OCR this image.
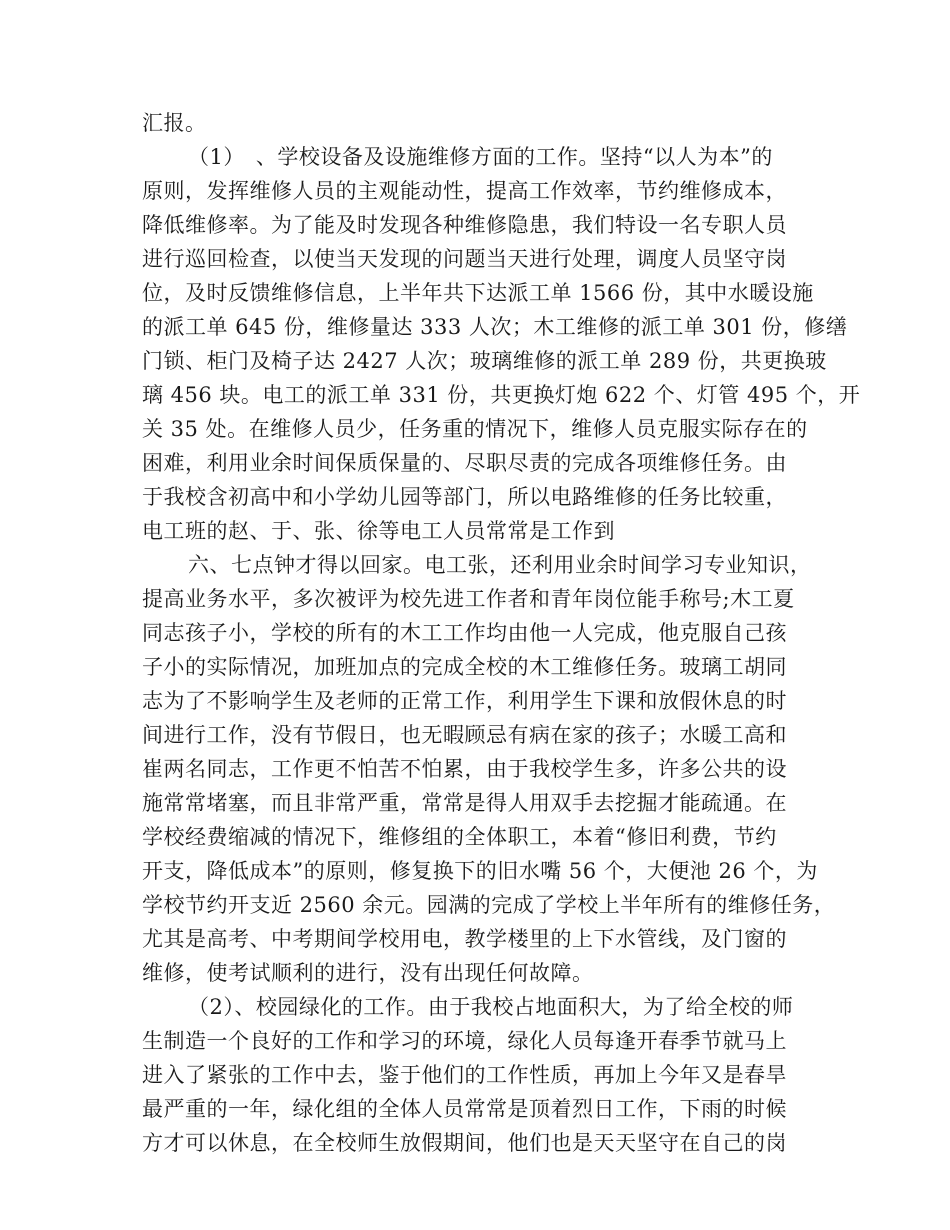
汇报。
（1）　、学校设备及设施维修方面的工作。坚持“以人为本”的
原则，发挥维修人员的主观能动性，提高工作效率，节约维修成本，
降低维修率。为了能及时发现各种维修隐患，我们特设一名专职人员
进行巡回检查，以使当天发现的问题当天进行处理，调度人员坚守岗
位，及时反馈维修信息，上半年共下达派工单 1566 份，其中水暖设施
的派工单 645 份，维修量达 333 人次；木工维修的派工单 301 份，修缮
门锁、柜门及椅子达 2427 人次；玻璃维修的派工单 289 份，共更换玻
璃 456 块。电工的派工单 331 份，共更换灯炮 622 个、灯管 495 个，开
关 35 处。在维修人员少，任务重的情况下，维修人员克服实际存在的
困难，利用业余时间保质保量的、尽职尽责的完成各项维修任务。由
于我校含初高中和小学幼儿园等部门，所以电路维修的任务比较重，
电工班的赵、于、张、徐等电工人员常常是工作到
六、七点钟才得以回家。电工张，还利用业余时间学习专业知识，
提高业务水平，多次被评为校先进工作者和青年岗位能手称号;木工夏
同志孩子小，学校的所有的木工工作均由他一人完成，他克服自己孩
子小的实际情况，加班加点的完成全校的木工维修任务。玻璃工胡同
志为了不影响学生及老师的正常工作，利用学生下课和放假休息的时
间进行工作，没有节假日，也无暇顾忌有病在家的孩子；水暖工高和
崔两名同志，工作更不怕苦不怕累，由于我校学生多，许多公共的设
施常常堵塞，而且非常严重，常常是得人用双手去挖掘才能疏通。在
学校经费缩减的情况下，维修组的全体职工，本着“修旧利费，节约
开支，降低成本”的原则，修复换下的旧水嘴 56 个，大便池 26 个，为
学校节约开支近 2560 余元。园满的完成了学校上半年所有的维修任务，
尤其是高考、中考期间学校用电，教学楼里的上下水管线，及门窗的
维修，使考试顺利的进行，没有出现任何故障。
（2）、校园绿化的工作。由于我校占地面积大，为了给全校的师
生制造一个良好的工作和学习的环境，绿化人员每逢开春季节就马上
进入了紧张的工作中去，鉴于他们的工作性质，再加上今年又是春旱
最严重的一年，绿化组的全体人员常常是顶着烈日工作，下雨的时候
方才可以休息，在全校师生放假期间，他们也是天天坚守在自己的岗
